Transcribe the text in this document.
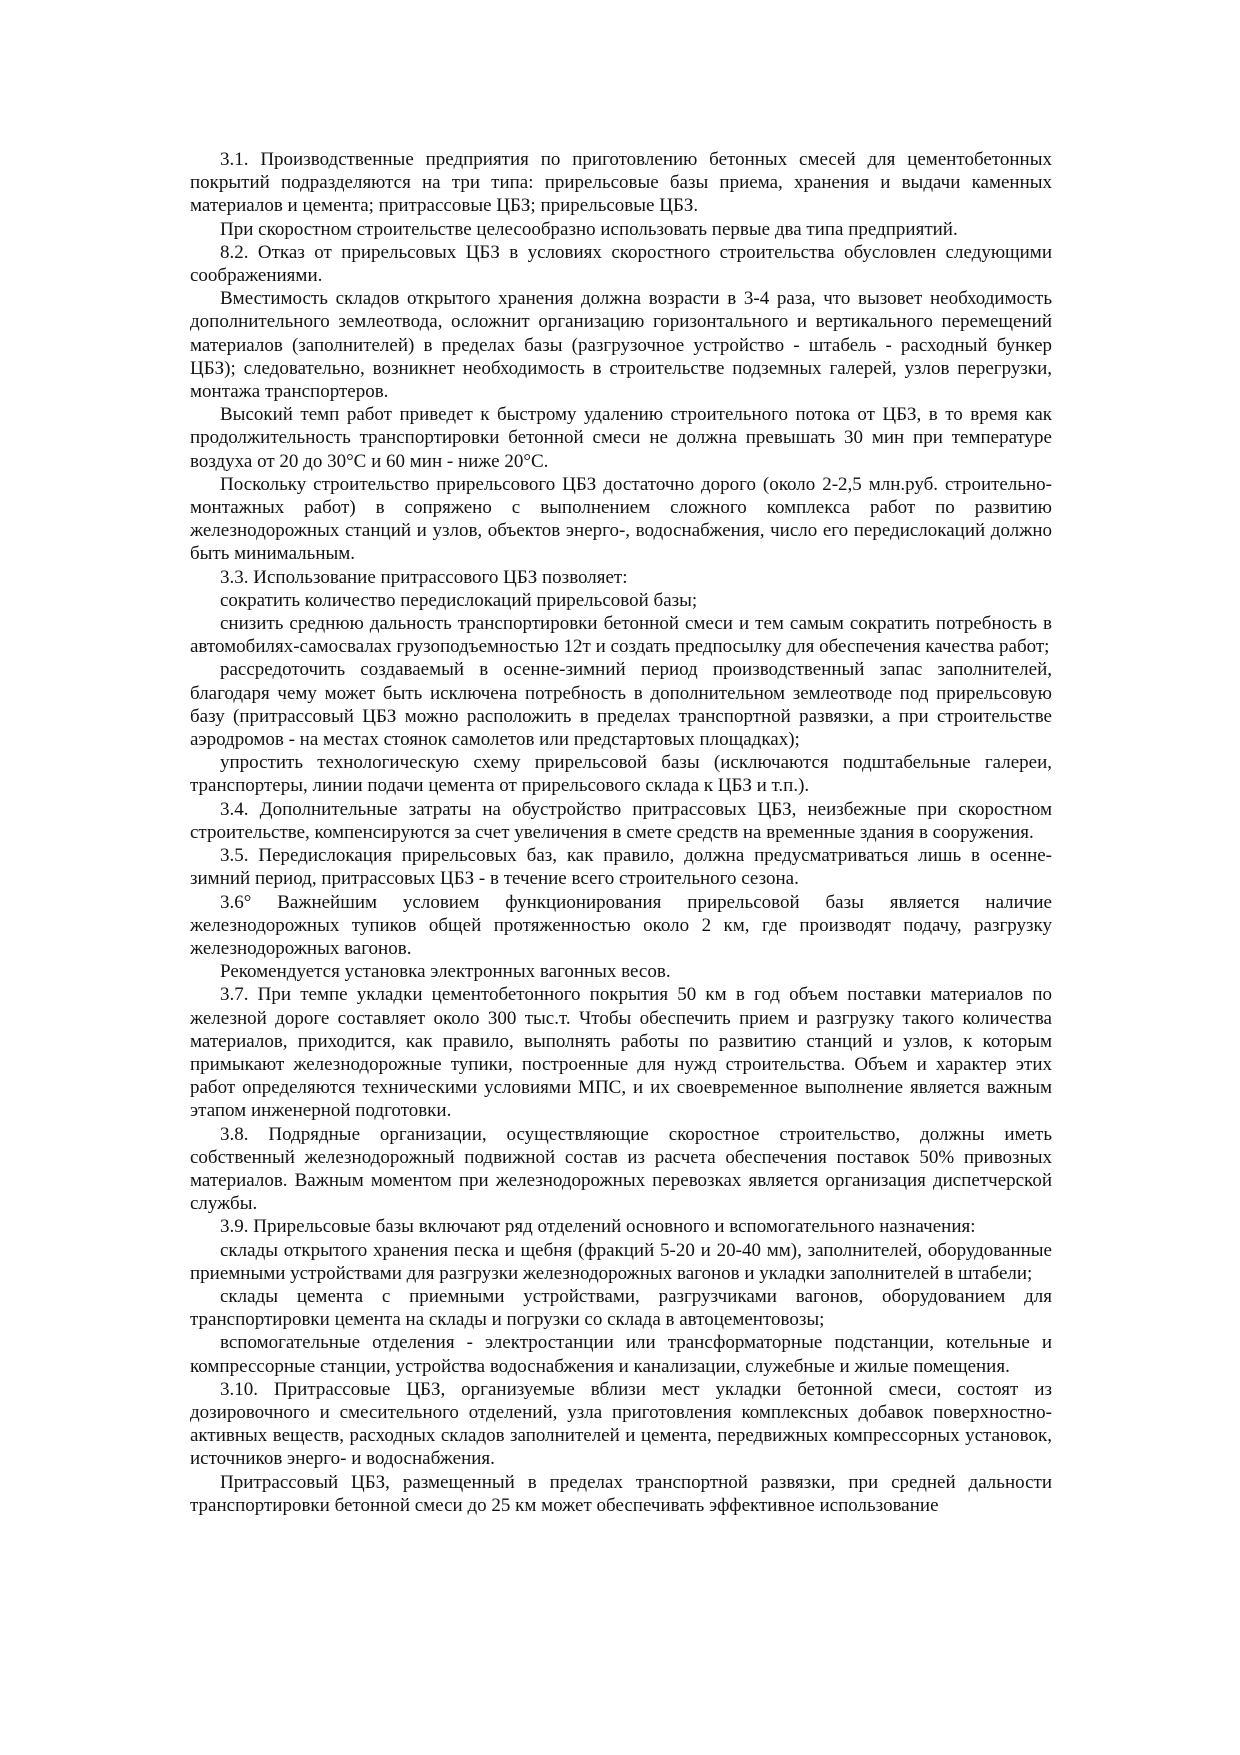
3.1. Производственные предприятия по приготовлению бетонных смесей для цементобетонных покрытий подразделяются на три типа: прирельсовые базы приема, хранения и выдачи каменных материалов и цемента; притрассовые ЦБЗ; прирельсовые ЦБЗ.

При скоростном строительстве целесообразно использовать первые два типа предприятий.

8.2. Отказ от прирельсовых ЦБЗ в условиях скоростного строительства обусловлен следующими соображениями.

Вместимость складов открытого хранения должна возрасти в 3-4 раза, что вызовет необходимость дополнительного землеотвода, осложнит организацию горизонтального и вертикального перемещений материалов (заполнителей) в пределах базы (разгрузочное устройство - штабель - расходный бункер ЦБЗ); следовательно, возникнет необходимость в строительстве подземных галерей, узлов перегрузки, монтажа транспортеров.

Высокий темп работ приведет к быстрому удалению строительного потока от ЦБЗ, в то время как продолжительность транспортировки бетонной смеси не должна превышать 30 мин при температуре воздуха от 20 до 30°С и 60 мин - ниже 20°С.

Поскольку строительство прирельсового ЦБЗ достаточно дорого (около 2-2,5 млн.руб. строительно-монтажных работ) в сопряжено с выполнением сложного комплекса работ по развитию железнодорожных станций и узлов, объектов энерго-, водоснабжения, число его передислокаций должно быть минимальным.

3.3. Использование притрассового ЦБЗ позволяет:

сократить количество передислокаций прирельсовой базы;

снизить среднюю дальность транспортировки бетонной смеси и тем самым сократить потребность в автомобилях-самосвалах грузоподъемностью 12т и создать предпосылку для обеспечения качества работ;

рассредоточить создаваемый в осенне-зимний период производственный запас заполнителей, благодаря чему может быть исключена потребность в дополнительном землеотводе под прирельсовую базу (притрассовый ЦБЗ можно расположить в пределах транспортной развязки, а при строительстве аэродромов - на местах стоянок самолетов или предстартовых площадках);

упростить технологическую схему прирельсовой базы (исключаются подштабельные галереи, транспортеры, линии подачи цемента от прирельсового склада к ЦБЗ и т.п.).

3.4. Дополнительные затраты на обустройство притрассовых ЦБЗ, неизбежные при скоростном строительстве, компенсируются за счет увеличения в смете средств на временные здания в сооружения.

3.5. Передислокация прирельсовых баз, как правило, должна предусматриваться лишь в осенне-зимний период, притрассовых ЦБЗ - в течение всего строительного сезона.

3.6° Важнейшим условием функционирования прирельсовой базы является наличие железнодорожных тупиков общей протяженностью около 2 км, где производят подачу, разгрузку железнодорожных вагонов.

Рекомендуется установка электронных вагонных весов.

3.7. При темпе укладки цементобетонного покрытия 50 км в год объем поставки материалов по железной дороге составляет около 300 тыс.т. Чтобы обеспечить прием и разгрузку такого количества материалов, приходится, как правило, выполнять работы по развитию станций и узлов, к которым примыкают железнодорожные тупики, построенные для нужд строительства. Объем и характер этих работ определяются техническими условиями МПС, и их своевременное выполнение является важным этапом инженерной подготовки.

3.8. Подрядные организации, осуществляющие скоростное строительство, должны иметь собственный железнодорожный подвижной состав из расчета обеспечения поставок 50% привозных материалов. Важным моментом при железнодорожных перевозках является организация диспетчерской службы.

3.9. Прирельсовые базы включают ряд отделений основного и вспомогательного назначения:

склады открытого хранения песка и щебня (фракций 5-20 и 20-40 мм), заполнителей, оборудованные приемными устройствами для разгрузки железнодорожных вагонов и укладки заполнителей в штабели;

склады цемента с приемными устройствами, разгрузчиками вагонов, оборудованием для транспортировки цемента на склады и погрузки со склада в автоцементовозы;

вспомогательные отделения - электростанции или трансформаторные подстанции, котельные и компрессорные станции, устройства водоснабжения и канализации, служебные и жилые помещения.

3.10. Притрассовые ЦБЗ, организуемые вблизи мест укладки бетонной смеси, состоят из дозировочного и смесительного отделений, узла приготовления комплексных добавок поверхностно-активных веществ, расходных складов заполнителей и цемента, передвижных компрессорных установок, источников энерго- и водоснабжения.

Притрассовый ЦБЗ, размещенный в пределах транспортной развязки, при средней дальности транспортировки бетонной смеси до 25 км может обеспечивать эффективное использование
